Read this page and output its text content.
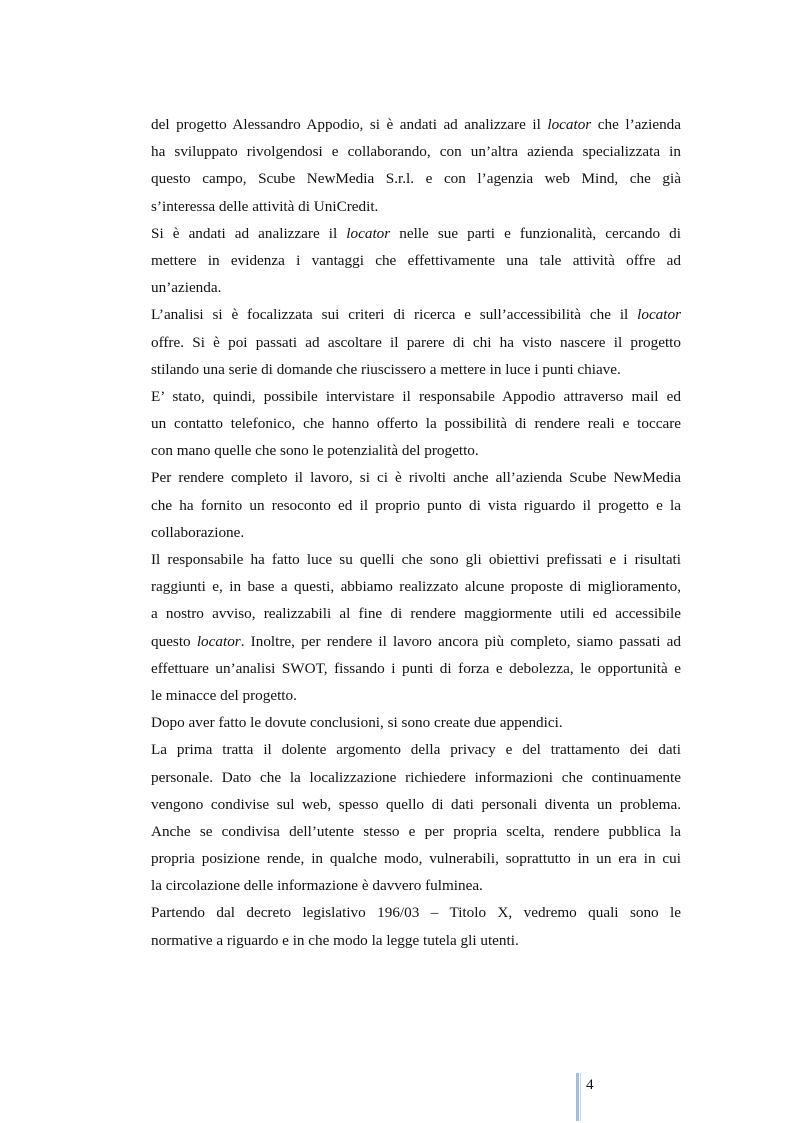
del progetto Alessandro Appodio, si è andati ad analizzare il locator che l’azienda
ha sviluppato rivolgendosi e collaborando, con un’altra azienda specializzata in
questo campo, Scube NewMedia S.r.l. e con l’agenzia web Mind, che già
s’interessa delle attività di UniCredit.
Si è andati ad analizzare il locator nelle sue parti e funzionalità, cercando di
mettere in evidenza i vantaggi che effettivamente una tale attività offre ad
un’azienda.
L’analisi si è focalizzata sui criteri di ricerca e sull’accessibilità che il locator
offre. Si è poi passati ad ascoltare il parere di chi ha visto nascere il progetto
stilando una serie di domande che riuscissero a mettere in luce i punti chiave.
E’ stato, quindi, possibile intervistare il responsabile Appodio attraverso mail ed
un contatto telefonico, che hanno offerto la possibilità di rendere reali e toccare
con mano quelle che sono le potenzialità del progetto.
Per rendere completo il lavoro, si ci è rivolti anche all’azienda Scube NewMedia
che ha fornito un resoconto ed il proprio punto di vista riguardo il progetto e la
collaborazione.
Il responsabile ha fatto luce su quelli che sono gli obiettivi prefissati e i risultati
raggiunti e, in base a questi, abbiamo realizzato alcune proposte di miglioramento,
a nostro avviso, realizzabili al fine di rendere maggiormente utili ed accessibile
questo locator. Inoltre, per rendere il lavoro ancora più completo, siamo passati ad
effettuare un’analisi SWOT, fissando i punti di forza e debolezza, le opportunità e
le minacce del progetto.
Dopo aver fatto le dovute conclusioni, si sono create due appendici.
La prima tratta il dolente argomento della privacy e del trattamento dei dati
personale. Dato che la localizzazione richiedere informazioni che continuamente
vengono condivise sul web, spesso quello di dati personali diventa un problema.
Anche se condivisa dell’utente stesso e per propria scelta, rendere pubblica la
propria posizione rende, in qualche modo, vulnerabili, soprattutto in un era in cui
la circolazione delle informazione è davvero fulminea.
Partendo dal decreto legislativo 196/03 – Titolo X, vedremo quali sono le
normative a riguardo e in che modo la legge tutela gli utenti.
4
